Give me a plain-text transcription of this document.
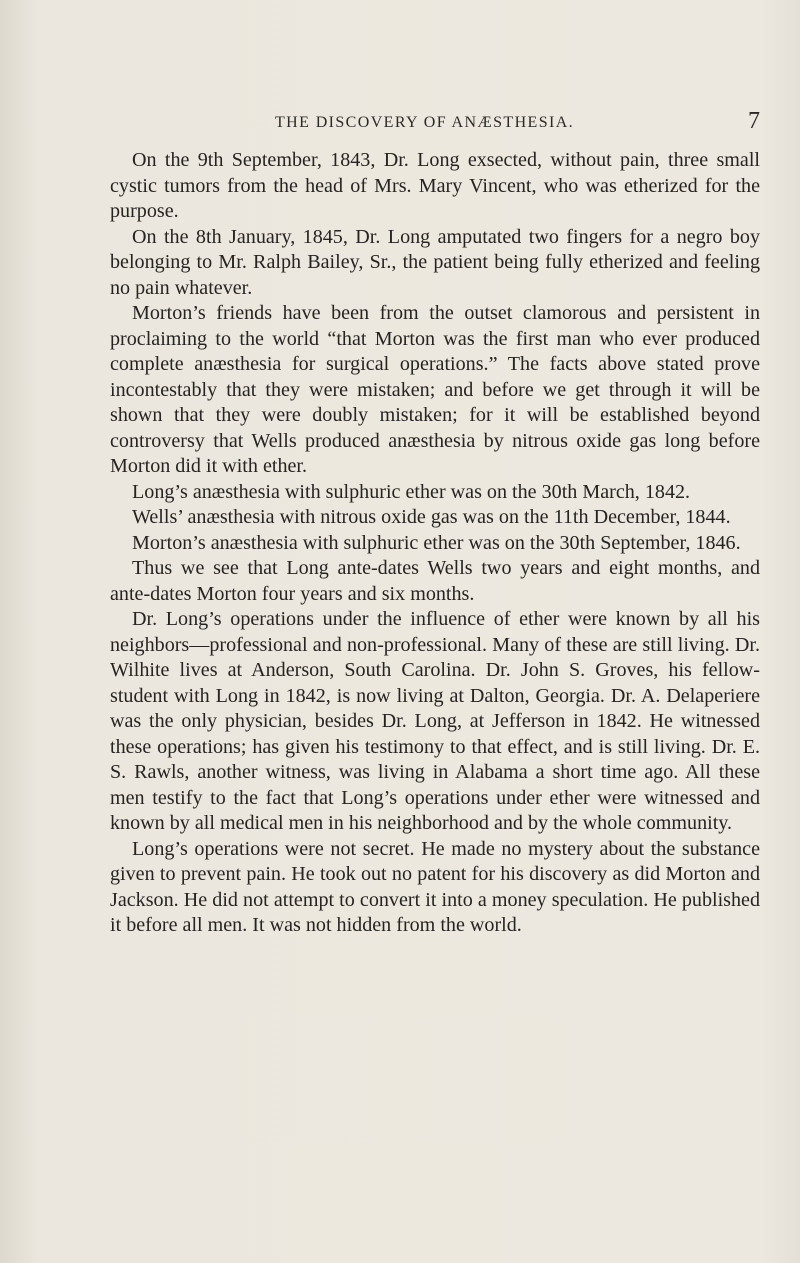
THE DISCOVERY OF ANÆSTHESIA.	7

On the 9th September, 1843, Dr. Long exsected, without pain, three small cystic tumors from the head of Mrs. Mary Vincent, who was etherized for the purpose.

On the 8th January, 1845, Dr. Long amputated two fingers for a negro boy belonging to Mr. Ralph Bailey, Sr., the patient being fully etherized and feeling no pain whatever.

Morton’s friends have been from the outset clamorous and persistent in proclaiming to the world “that Morton was the first man who ever produced complete anæsthesia for surgical operations.” The facts above stated prove incontestably that they were mistaken; and before we get through it will be shown that they were doubly mistaken; for it will be established beyond controversy that Wells produced anæsthesia by nitrous oxide gas long before Morton did it with ether.

Long’s anæsthesia with sulphuric ether was on the 30th March, 1842.

Wells’ anæsthesia with nitrous oxide gas was on the 11th December, 1844.

Morton’s anæsthesia with sulphuric ether was on the 30th September, 1846.

Thus we see that Long ante-dates Wells two years and eight months, and ante-dates Morton four years and six months.

Dr. Long’s operations under the influence of ether were known by all his neighbors—professional and non-professional. Many of these are still living. Dr. Wilhite lives at Anderson, South Carolina. Dr. John S. Groves, his fellow-student with Long in 1842, is now living at Dalton, Georgia. Dr. A. Delaperiere was the only physician, besides Dr. Long, at Jefferson in 1842. He witnessed these operations; has given his testimony to that effect, and is still living. Dr. E. S. Rawls, another witness, was living in Alabama a short time ago. All these men testify to the fact that Long’s operations under ether were witnessed and known by all medical men in his neighborhood and by the whole community.

Long’s operations were not secret. He made no mystery about the substance given to prevent pain. He took out no patent for his discovery as did Morton and Jackson. He did not attempt to convert it into a money speculation. He published it before all men. It was not hidden from the world.
